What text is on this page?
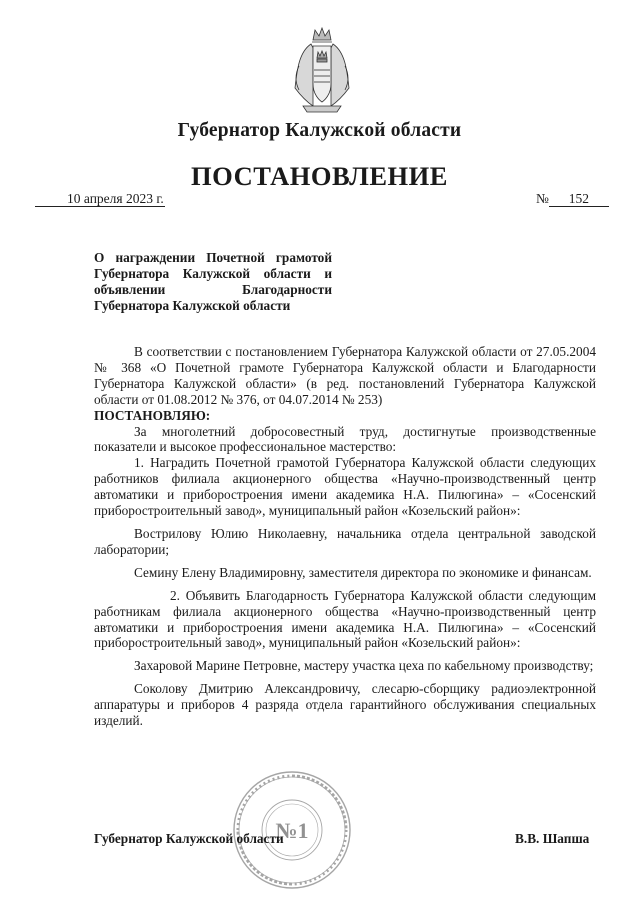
Губернатор Калужской области
ПОСТАНОВЛЕНИЕ
10 апреля 2023 г.	№ 152
О награждении Почетной грамотой Губернатора Калужской области и объявлении Благодарности Губернатора Калужской области

В соответствии с постановлением Губернатора Калужской области от 27.05.2004 № 368 «О Почетной грамоте Губернатора Калужской области и Благодарности Губернатора Калужской области» (в ред. постановлений Губернатора Калужской области от 01.08.2012 № 376, от 04.07.2014 № 253)

ПОСТАНОВЛЯЮ:

За многолетний добросовестный труд, достигнутые производственные показатели и высокое профессиональное мастерство:

1. Наградить Почетной грамотой Губернатора Калужской области следующих работников филиала акционерного общества «Научно-производственный центр автоматики и приборостроения имени академика Н.А. Пилюгина» – «Сосенский приборостроительный завод», муниципальный район «Козельский район»:

Вострилову Юлию Николаевну, начальника отдела центральной заводской лаборатории;

Семину Елену Владимировну, заместителя директора по экономике и финансам.

2. Объявить Благодарность Губернатора Калужской области следующим работникам филиала акционерного общества «Научно-производственный центр автоматики и приборостроения имени академика Н.А. Пилюгина» – «Сосенский приборостроительный завод», муниципальный район «Козельский район»:

Захаровой Марине Петровне, мастеру участка цеха по кабельному производству;

Соколову Дмитрию Александровичу, слесарю-сборщику радиоэлектронной аппаратуры и приборов 4 разряда отдела гарантийного обслуживания специальных изделий.

№1
Губернатор Калужской области	В.В. Шапша
